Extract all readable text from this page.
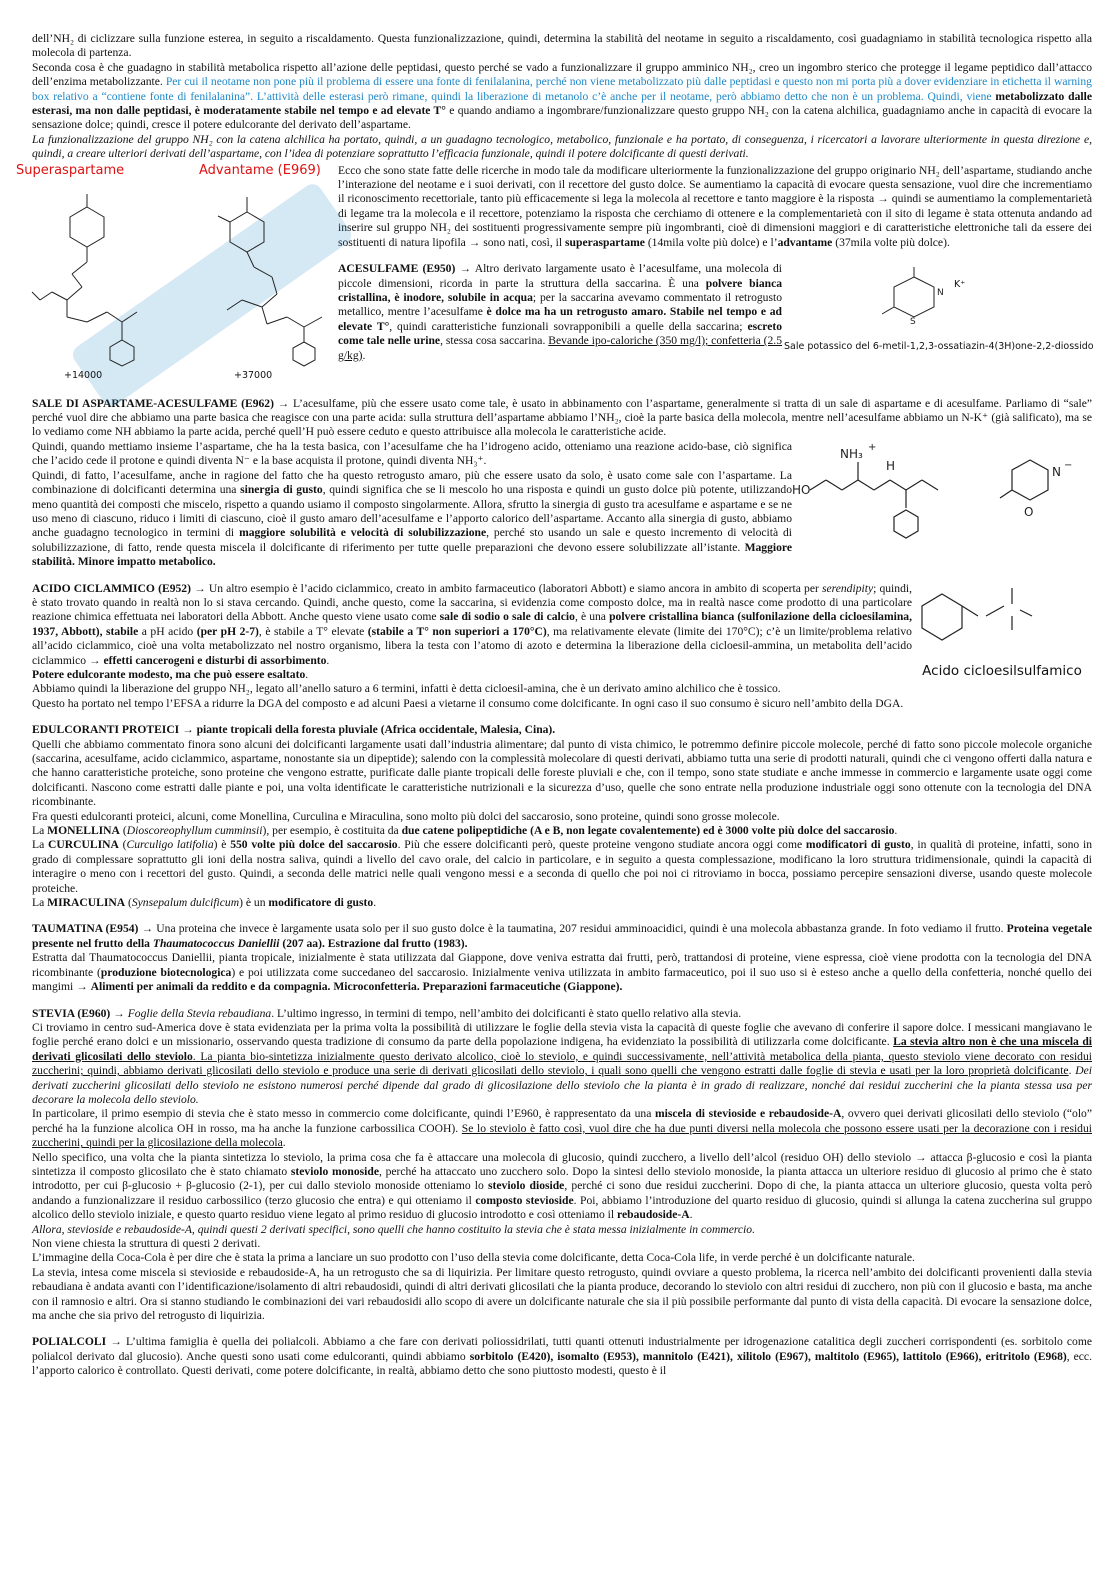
dell’NH₂ di ciclizzare sulla funzione esterea, in seguito a riscaldamento. Questa funzionalizzazione, quindi, determina la stabilità del neotame in seguito a riscaldamento, così guadagniamo in stabilità tecnologica rispetto alla molecola di partenza.

Seconda cosa è che guadagno in stabilità metabolica rispetto all’azione delle peptidasi, questo perché se vado a funzionalizzare il gruppo amminico NH₂, creo un ingombro sterico che protegge il legame peptidico dall’attacco dell’enzima metabolizzante. Per cui il neotame non pone più il problema di essere una fonte di fenilalanina, perché non viene metabolizzato più dalle peptidasi e questo non mi porta più a dover evidenziare in etichetta il warning box relativo a “contiene fonte di fenilalanina”. L’attività delle esterasi però rimane, quindi la liberazione di metanolo c’è anche per il neotame, però abbiamo detto che non è un problema. Quindi, viene metabolizzato dalle esterasi, ma non dalle peptidasi, è moderatamente stabile nel tempo e ad elevate T° e quando andiamo a ingombrare/funzionalizzare questo gruppo NH₂ con la catena alchilica, guadagniamo anche in capacità di evocare la sensazione dolce; quindi, cresce il potere edulcorante del derivato dell’aspartame.

La funzionalizzazione del gruppo NH₂ con la catena alchilica ha portato, quindi, a un guadagno tecnologico, metabolico, funzionale e ha portato, di conseguenza, i ricercatori a lavorare ulteriormente in questa direzione e, quindi, a creare ulteriori derivati dell’aspartame, con l’idea di potenziare soprattutto l’efficacia funzionale, quindi il potere dolcificante di questi derivati.

Superaspartame	Advantame (E969)
+14000	+37000

Ecco che sono state fatte delle ricerche in modo tale da modificare ulteriormente la funzionalizzazione del gruppo originario NH₂ dell’aspartame, studiando anche l’interazione del neotame e i suoi derivati, con il recettore del gusto dolce. Se aumentiamo la capacità di evocare questa sensazione, vuol dire che incrementiamo il riconoscimento recettoriale, tanto più efficacemente si lega la molecola al recettore e tanto maggiore è la risposta → quindi se aumentiamo la complementarietà di legame tra la molecola e il recettore, potenziamo la risposta che cerchiamo di ottenere e la complementarietà con il sito di legame è stata ottenuta andando ad inserire sul gruppo NH₂ dei sostituenti progressivamente sempre più ingombranti, cioè di dimensioni maggiori e di caratteristiche elettroniche tali da essere dei sostituenti di natura lipofila → sono nati, così, il superaspartame (14mila volte più dolce) e l’advantame (37mila volte più dolce).

N
S
K⁺
Sale potassico del 6-metil-1,2,3-ossatiazin-4(3H)one-2,2-diossido

ACESULFAME (E950) → Altro derivato largamente usato è l’acesulfame, una molecola di piccole dimensioni, ricorda in parte la struttura della saccarina. È una polvere bianca cristallina, è inodore, solubile in acqua; per la saccarina avevamo commentato il retrogusto metallico, mentre l’acesulfame è dolce ma ha un retrogusto amaro. Stabile nel tempo e ad elevate T°, quindi caratteristiche funzionali sovrapponibili a quelle della saccarina; escreto come tale nelle urine, stessa cosa saccarina. Bevande ipo-caloriche (350 mg/l); confetteria (2.5 g/kg).

SALE DI ASPARTAME-ACESULFAME (E962) → L’acesulfame, più che essere usato come tale, è usato in abbinamento con l’aspartame, generalmente si tratta di un sale di aspartame e di acesulfame. Parliamo di “sale” perché vuol dire che abbiamo una parte basica che reagisce con una parte acida: sulla struttura dell’aspartame abbiamo l’NH₂, cioè la parte basica della molecola, mentre nell’acesulfame abbiamo un N-K⁺ (già salificato), ma se lo vediamo come NH abbiamo la parte acida, perché quell’H può essere ceduto e questo attribuisce alla molecola le caratteristiche acide.

NH₃
H
HO
N
O
+
−

Quindi, quando mettiamo insieme l’aspartame, che ha la testa basica, con l’acesulfame che ha l’idrogeno acido, otteniamo una reazione acido-base, ciò significa che l’acido cede il protone e quindi diventa N⁻ e la base acquista il protone, quindi diventa NH₃⁺.

Quindi, di fatto, l’acesulfame, anche in ragione del fatto che ha questo retrogusto amaro, più che essere usato da solo, è usato come sale con l’aspartame. La combinazione di dolcificanti determina una sinergia di gusto, quindi significa che se li mescolo ho una risposta e quindi un gusto dolce più potente, utilizzando meno quantità dei composti che miscelo, rispetto a quando usiamo il composto singolarmente. Allora, sfrutto la sinergia di gusto tra acesulfame e aspartame e se ne uso meno di ciascuno, riduco i limiti di ciascuno, cioè il gusto amaro dell’acesulfame e l’apporto calorico dell’aspartame. Accanto alla sinergia di gusto, abbiamo anche guadagno tecnologico in termini di maggiore solubilità e velocità di solubilizzazione, perché sto usando un sale e questo incremento di velocità di solubilizzazione, di fatto, rende questa miscela il dolcificante di riferimento per tutte quelle preparazioni che devono essere solubilizzate all’istante. Maggiore stabilità. Minore impatto metabolico.

Acido cicloesilsulfamico

ACIDO CICLAMMICO (E952) → Un altro esempio è l’acido ciclammico, creato in ambito farmaceutico (laboratori Abbott) e siamo ancora in ambito di scoperta per serendipity; quindi, è stato trovato quando in realtà non lo si stava cercando. Quindi, anche questo, come la saccarina, si evidenzia come composto dolce, ma in realtà nasce come prodotto di una particolare reazione chimica effettuata nei laboratori della Abbott. Anche questo viene usato come sale di sodio o sale di calcio, è una polvere cristallina bianca (sulfonilazione della cicloesilamina, 1937, Abbott), stabile a pH acido (per pH 2-7), è stabile a T° elevate (stabile a T° non superiori a 170°C), ma relativamente elevate (limite dei 170°C); c’è un limite/problema relativo all’acido ciclammico, cioè una volta metabolizzato nel nostro organismo, libera la testa con l’atomo di azoto e determina la liberazione della cicloesil-ammina, un metabolita dell’acido ciclammico → effetti cancerogeni e disturbi di assorbimento.

Potere edulcorante modesto, ma che può essere esaltato.

Abbiamo quindi la liberazione del gruppo NH₂, legato all’anello saturo a 6 termini, infatti è detta cicloesil-amina, che è un derivato amino alchilico che è tossico.

Questo ha portato nel tempo l’EFSA a ridurre la DGA del composto e ad alcuni Paesi a vietarne il consumo come dolcificante. In ogni caso il suo consumo è sicuro nell’ambito della DGA.

EDULCORANTI PROTEICI → piante tropicali della foresta pluviale (Africa occidentale, Malesia, Cina).

Quelli che abbiamo commentato finora sono alcuni dei dolcificanti largamente usati dall’industria alimentare; dal punto di vista chimico, le potremmo definire piccole molecole, perché di fatto sono piccole molecole organiche (saccarina, acesulfame, acido ciclammico, aspartame, nonostante sia un dipeptide); salendo con la complessità molecolare di questi derivati, abbiamo tutta una serie di prodotti naturali, quindi che ci vengono offerti dalla natura e che hanno caratteristiche proteiche, sono proteine che vengono estratte, purificate dalle piante tropicali delle foreste pluviali e che, con il tempo, sono state studiate e anche immesse in commercio e largamente usate oggi come dolcificanti. Nascono come estratti dalle piante e poi, una volta identificate le caratteristiche nutrizionali e la sicurezza d’uso, quelle che sono entrate nella produzione industriale oggi sono ottenute con la tecnologia del DNA ricombinante.

Fra questi edulcoranti proteici, alcuni, come Monellina, Curculina e Miraculina, sono molto più dolci del saccarosio, sono proteine, quindi sono grosse molecole.

La MONELLINA (Dioscoreophyllum cumminsii), per esempio, è costituita da due catene polipeptidiche (A e B, non legate covalentemente) ed è 3000 volte più dolce del saccarosio.

La CURCULINA (Curculigo latifolia) è 550 volte più dolce del saccarosio. Più che essere dolcificanti però, queste proteine vengono studiate ancora oggi come modificatori di gusto, in qualità di proteine, infatti, sono in grado di complessare soprattutto gli ioni della nostra saliva, quindi a livello del cavo orale, del calcio in particolare, e in seguito a questa complessazione, modificano la loro struttura tridimensionale, quindi la capacità di interagire o meno con i recettori del gusto. Quindi, a seconda delle matrici nelle quali vengono messi e a seconda di quello che poi noi ci ritroviamo in bocca, possiamo percepire sensazioni diverse, usando queste molecole proteiche.

La MIRACULINA (Synsepalum dulcificum) è un modificatore di gusto.

TAUMATINA (E954) → Una proteina che invece è largamente usata solo per il suo gusto dolce è la taumatina, 207 residui amminoacidici, quindi è una molecola abbastanza grande. In foto vediamo il frutto. Proteina vegetale presente nel frutto della Thaumatococcus Daniellii (207 aa). Estrazione dal frutto (1983).

Estratta dal Thaumatococcus Daniellii, pianta tropicale, inizialmente è stata utilizzata dal Giappone, dove veniva estratta dai frutti, però, trattandosi di proteine, viene espressa, cioè viene prodotta con la tecnologia del DNA ricombinante (produzione biotecnologica) e poi utilizzata come succedaneo del saccarosio. Inizialmente veniva utilizzata in ambito farmaceutico, poi il suo uso si è esteso anche a quello della confetteria, nonché quello dei mangimi → Alimenti per animali da reddito e da compagnia. Microconfetteria. Preparazioni farmaceutiche (Giappone).

STEVIA (E960) → Foglie della Stevia rebaudiana. L’ultimo ingresso, in termini di tempo, nell’ambito dei dolcificanti è stato quello relativo alla stevia.

Ci troviamo in centro sud-America dove è stata evidenziata per la prima volta la possibilità di utilizzare le foglie della stevia vista la capacità di queste foglie che avevano di conferire il sapore dolce. I messicani mangiavano le foglie perché erano dolci e un missionario, osservando questa tradizione di consumo da parte della popolazione indigena, ha evidenziato la possibilità di utilizzarla come dolcificante. La stevia altro non è che una miscela di derivati glicosilati dello steviolo. La pianta bio-sintetizza inizialmente questo derivato alcolico, cioè lo steviolo, e quindi successivamente, nell’attività metabolica della pianta, questo steviolo viene decorato con residui zuccherini; quindi, abbiamo derivati glicosilati dello steviolo e produce una serie di derivati glicosilati dello steviolo, i quali sono quelli che vengono estratti dalle foglie di stevia e usati per la loro proprietà dolcificante. Dei derivati zuccherini glicosilati dello steviolo ne esistono numerosi perché dipende dal grado di glicosilazione dello steviolo che la pianta è in grado di realizzare, nonché dai residui zuccherini che la pianta stessa usa per decorare la molecola dello steviolo.

In particolare, il primo esempio di stevia che è stato messo in commercio come dolcificante, quindi l’E960, è rappresentato da una miscela di stevioside e rebaudoside-A, ovvero quei derivati glicosilati dello steviolo (“olo” perché ha la funzione alcolica OH in rosso, ma ha anche la funzione carbossilica COOH). Se lo steviolo è fatto così, vuol dire che ha due punti diversi nella molecola che possono essere usati per la decorazione con i residui zuccherini, quindi per la glicosilazione della molecola.

Nello specifico, una volta che la pianta sintetizza lo steviolo, la prima cosa che fa è attaccare una molecola di glucosio, quindi zucchero, a livello dell’alcol (residuo OH) dello steviolo → attacca β-glucosio e così la pianta sintetizza il composto glicosilato che è stato chiamato steviolo monoside, perché ha attaccato uno zucchero solo. Dopo la sintesi dello steviolo monoside, la pianta attacca un ulteriore residuo di glucosio al primo che è stato introdotto, per cui β-glucosio + β-glucosio (2-1), per cui dallo steviolo monoside otteniamo lo steviolo dioside, perché ci sono due residui zuccherini. Dopo di che, la pianta attacca un ulteriore glucosio, questa volta però andando a funzionalizzare il residuo carbossilico (terzo glucosio che entra) e qui otteniamo il composto stevioside. Poi, abbiamo l’introduzione del quarto residuo di glucosio, quindi si allunga la catena zuccherina sul gruppo alcolico dello steviolo iniziale, e questo quarto residuo viene legato al primo residuo di glucosio introdotto e così otteniamo il rebaudoside-A.

Allora, stevioside e rebaudoside-A, quindi questi 2 derivati specifici, sono quelli che hanno costituito la stevia che è stata messa inizialmente in commercio.

Non viene chiesta la struttura di questi 2 derivati.

L’immagine della Coca-Cola è per dire che è stata la prima a lanciare un suo prodotto con l’uso della stevia come dolcificante, detta Coca-Cola life, in verde perché è un dolcificante naturale.

La stevia, intesa come miscela si stevioside e rebaudoside-A, ha un retrogusto che sa di liquirizia. Per limitare questo retrogusto, quindi ovviare a questo problema, la ricerca nell’ambito dei dolcificanti provenienti dalla stevia rebaudiana è andata avanti con l’identificazione/isolamento di altri rebaudosidi, quindi di altri derivati glicosilati che la pianta produce, decorando lo steviolo con altri residui di zucchero, non più con il glucosio e basta, ma anche con il ramnosio e altri. Ora si stanno studiando le combinazioni dei vari rebaudosidi allo scopo di avere un dolcificante naturale che sia il più possibile performante dal punto di vista della capacità. Di evocare la sensazione dolce, ma anche che sia privo del retrogusto di liquirizia.

POLIALCOLI → L’ultima famiglia è quella dei polialcoli. Abbiamo a che fare con derivati poliossidrilati, tutti quanti ottenuti industrialmente per idrogenazione catalitica degli zuccheri corrispondenti (es. sorbitolo come polialcol derivato dal glucosio). Anche questi sono usati come edulcoranti, quindi abbiamo sorbitolo (E420), isomalto (E953), mannitolo (E421), xilitolo (E967), maltitolo (E965), lattitolo (E966), eritritolo (E968), ecc. l’apporto calorico è controllato. Questi derivati, come potere dolcificante, in realtà, abbiamo detto che sono piuttosto modesti, questo è il
